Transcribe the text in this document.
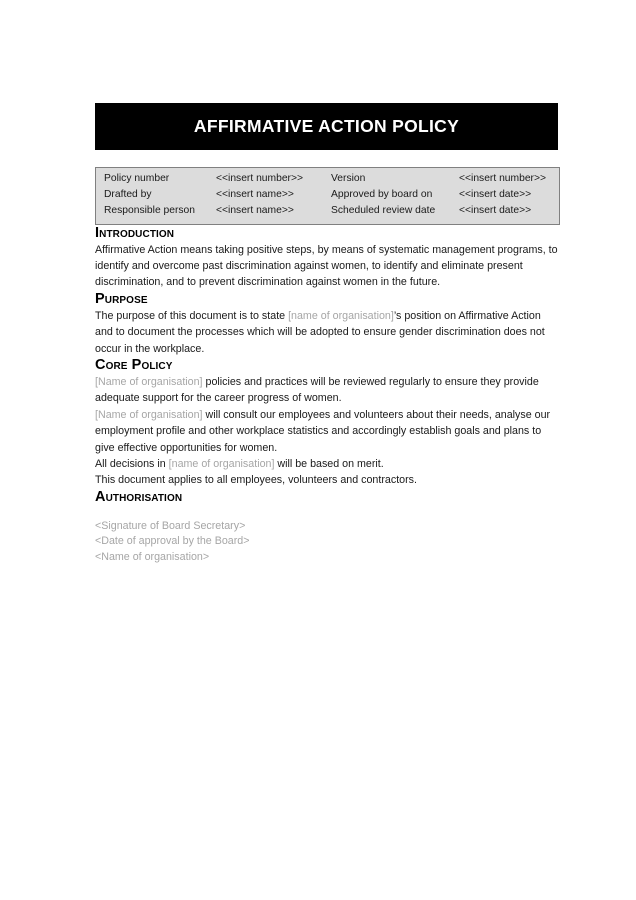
AFFIRMATIVE ACTION POLICY
Policy number	<<insert number>>	Version	<<insert number>>
Drafted by	<<insert name>>	Approved by board on	<<insert date>>
Responsible person	<<insert name>>	Scheduled review date	<<insert date>>
Introduction

Affirmative Action means taking positive steps, by means of systematic management programs, to identify and overcome past discrimination against women, to identify and eliminate present discrimination, and to prevent discrimination against women in the future.

Purpose

The purpose of this document is to state [name of organisation]’s position on Affirmative Action and to document the processes which will be adopted to ensure gender discrimination does not occur in the workplace.

Core Policy

[Name of organisation] policies and practices will be reviewed regularly to ensure they provide adequate support for the career progress of women.

[Name of organisation] will consult our employees and volunteers about their needs, analyse our employment profile and other workplace statistics and accordingly establish goals and plans to give effective opportunities for women.

All decisions in [name of organisation] will be based on merit.

This document applies to all employees, volunteers and contractors.

Authorisation
<Signature of Board Secretary>
<Date of approval by the Board>
<Name of organisation>
